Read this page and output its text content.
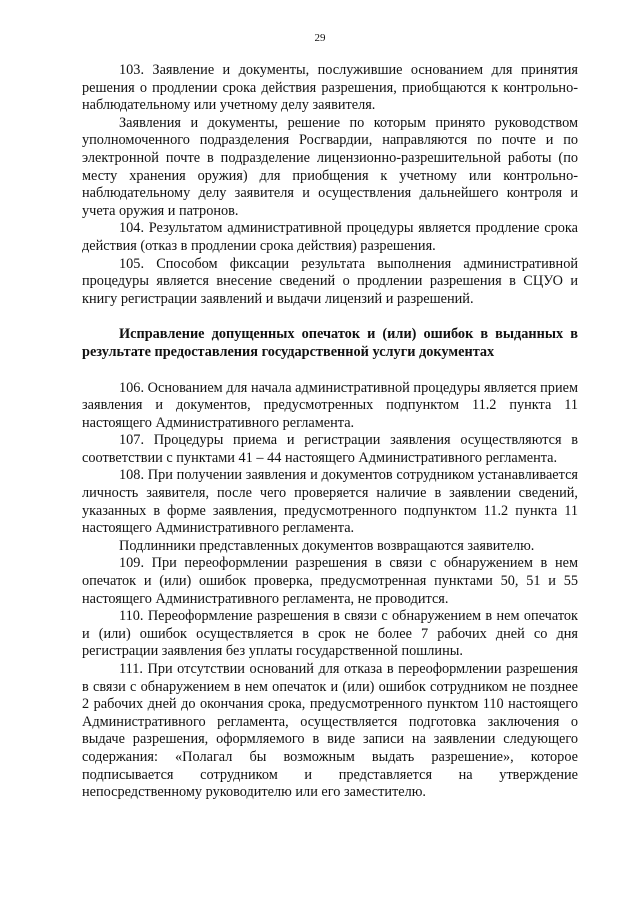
29

103. Заявление и документы, послужившие основанием для принятия решения о продлении срока действия разрешения, приобщаются к контрольно-наблюдательному или учетному делу заявителя.

Заявления и документы, решение по которым принято руководством уполномоченного подразделения Росгвардии, направляются по почте и по электронной почте в подразделение лицензионно-разрешительной работы (по месту хранения оружия) для приобщения к учетному или контрольно-наблюдательному делу заявителя и осуществления дальнейшего контроля и учета оружия и патронов.

104. Результатом административной процедуры является продление срока действия (отказ в продлении срока действия) разрешения.

105. Способом фиксации результата выполнения административной процедуры является внесение сведений о продлении разрешения в СЦУО и книгу регистрации заявлений и выдачи лицензий и разрешений.

Исправление допущенных опечаток и (или) ошибок в выданных в результате предоставления государственной услуги документах

106. Основанием для начала административной процедуры является прием заявления и документов, предусмотренных подпунктом 11.2 пункта 11 настоящего Административного регламента.

107. Процедуры приема и регистрации заявления осуществляются в соответствии с пунктами 41 – 44 настоящего Административного регламента.

108. При получении заявления и документов сотрудником устанавливается личность заявителя, после чего проверяется наличие в заявлении сведений, указанных в форме заявления, предусмотренного подпунктом 11.2 пункта 11 настоящего Административного регламента.

Подлинники представленных документов возвращаются заявителю.

109. При переоформлении разрешения в связи с обнаружением в нем опечаток и (или) ошибок проверка, предусмотренная пунктами 50, 51 и 55 настоящего Административного регламента, не проводится.

110. Переоформление разрешения в связи с обнаружением в нем опечаток и (или) ошибок осуществляется в срок не более 7 рабочих дней со дня регистрации заявления без уплаты государственной пошлины.

111. При отсутствии оснований для отказа в переоформлении разрешения в связи с обнаружением в нем опечаток и (или) ошибок сотрудником не позднее 2 рабочих дней до окончания срока, предусмотренного пунктом 110 настоящего Административного регламента, осуществляется подготовка заключения о выдаче разрешения, оформляемого в виде записи на заявлении следующего содержания: «Полагал бы возможным выдать разрешение», которое подписывается сотрудником и представляется на утверждение непосредственному руководителю или его заместителю.
